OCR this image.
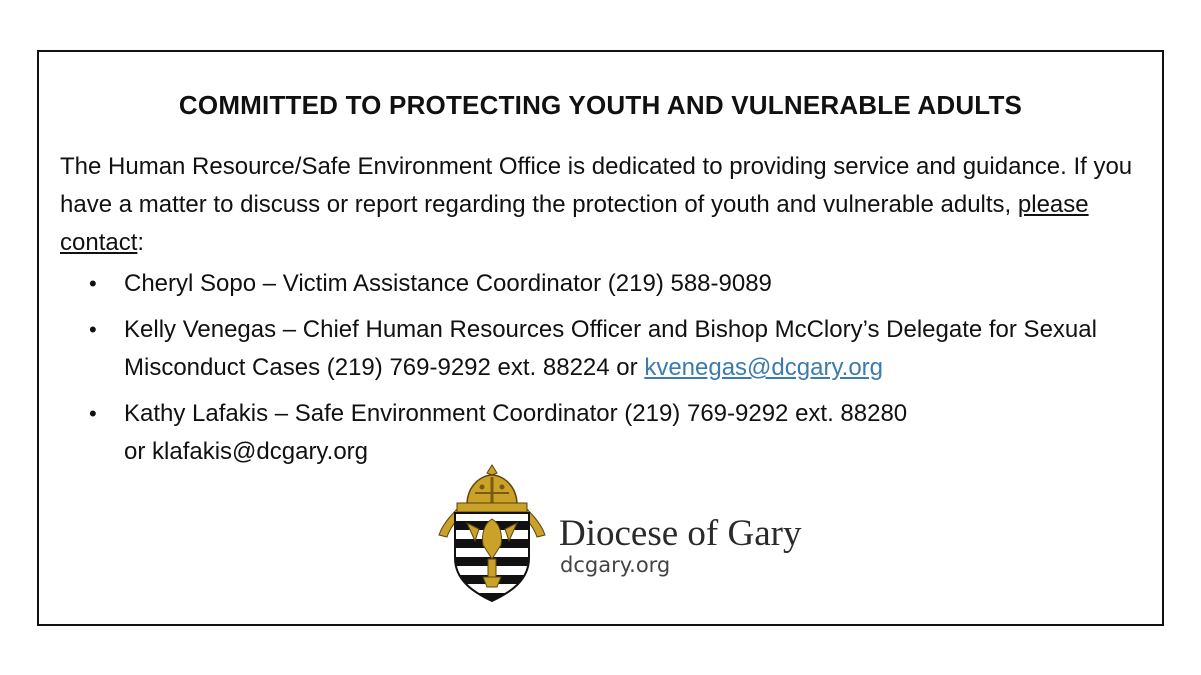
COMMITTED TO PROTECTING YOUTH AND VULNERABLE ADULTS

The Human Resource/Safe Environment Office is dedicated to providing service and guidance. If you have a matter to discuss or report regarding the protection of youth and vulnerable adults, please contact:

• Cheryl Sopo – Victim Assistance Coordinator (219) 588-9089
• Kelly Venegas – Chief Human Resources Officer and Bishop McClory’s Delegate for Sexual Misconduct Cases (219) 769-9292 ext. 88224 or kvenegas@dcgary.org
• Kathy Lafakis – Safe Environment Coordinator (219) 769-9292 ext. 88280
or klafakis@dcgary.org

Diocese of Gary

dcgary.org
